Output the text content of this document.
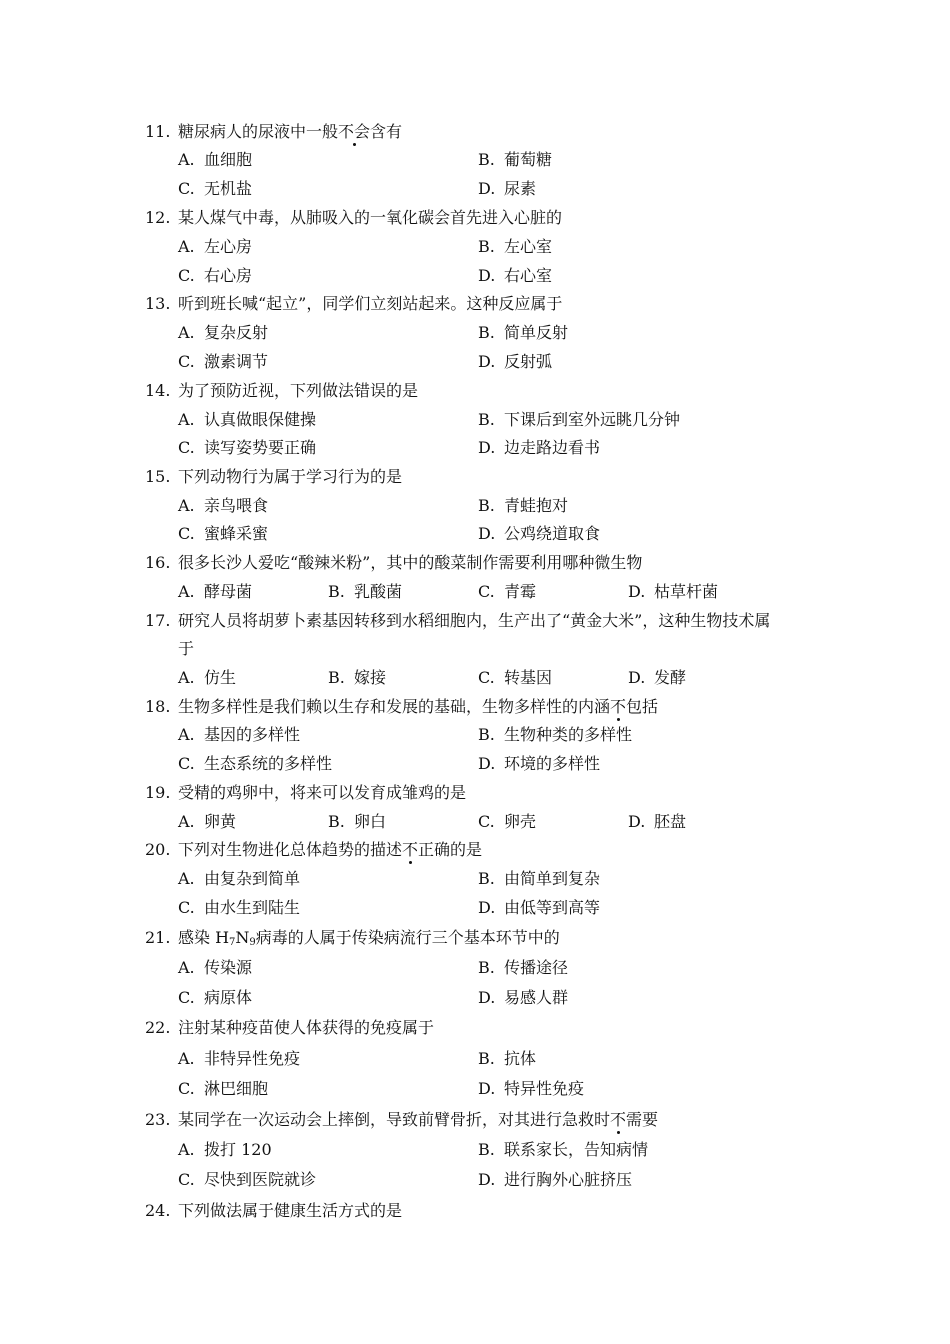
11. 糖尿病人的尿液中一般不会含有
A. 血细胞	B. 葡萄糖
C. 无机盐	D. 尿素
12. 某人煤气中毒，从肺吸入的一氧化碳会首先进入心脏的
A. 左心房	B. 左心室
C. 右心房	D. 右心室
13. 听到班长喊“起立”，同学们立刻站起来。这种反应属于
A. 复杂反射	B. 简单反射
C. 激素调节	D. 反射弧
14. 为了预防近视，下列做法错误的是
A. 认真做眼保健操	B. 下课后到室外远眺几分钟
C. 读写姿势要正确	D. 边走路边看书
15. 下列动物行为属于学习行为的是
A. 亲鸟喂食	B. 青蛙抱对
C. 蜜蜂采蜜	D. 公鸡绕道取食
16. 很多长沙人爱吃“酸辣米粉”，其中的酸菜制作需要利用哪种微生物
A. 酵母菌	B. 乳酸菌	C. 青霉	D. 枯草杆菌
17. 研究人员将胡萝卜素基因转移到水稻细胞内，生产出了“黄金大米”，这种生物技术属
于
A. 仿生	B. 嫁接	C. 转基因	D. 发酵
18. 生物多样性是我们赖以生存和发展的基础，生物多样性的内涵不包括
A. 基因的多样性	B. 生物种类的多样性
C. 生态系统的多样性	D. 环境的多样性
19. 受精的鸡卵中，将来可以发育成雏鸡的是
A. 卵黄	B. 卵白	C. 卵壳	D. 胚盘
20. 下列对生物进化总体趋势的描述不正确的是
A. 由复杂到简单	B. 由简单到复杂
C. 由水生到陆生	D. 由低等到高等
21. 感染 $H_7N_9$病毒的人属于传染病流行三个基本环节中的
A. 传染源	B. 传播途径
C. 病原体	D. 易感人群
22. 注射某种疫苗使人体获得的免疫属于
A. 非特异性免疫	B. 抗体
C. 淋巴细胞	D. 特异性免疫
23. 某同学在一次运动会上摔倒，导致前臂骨折，对其进行急救时不需要
A. 拨打 120	B. 联系家长，告知病情
C. 尽快到医院就诊	D. 进行胸外心脏挤压
24. 下列做法属于健康生活方式的是
